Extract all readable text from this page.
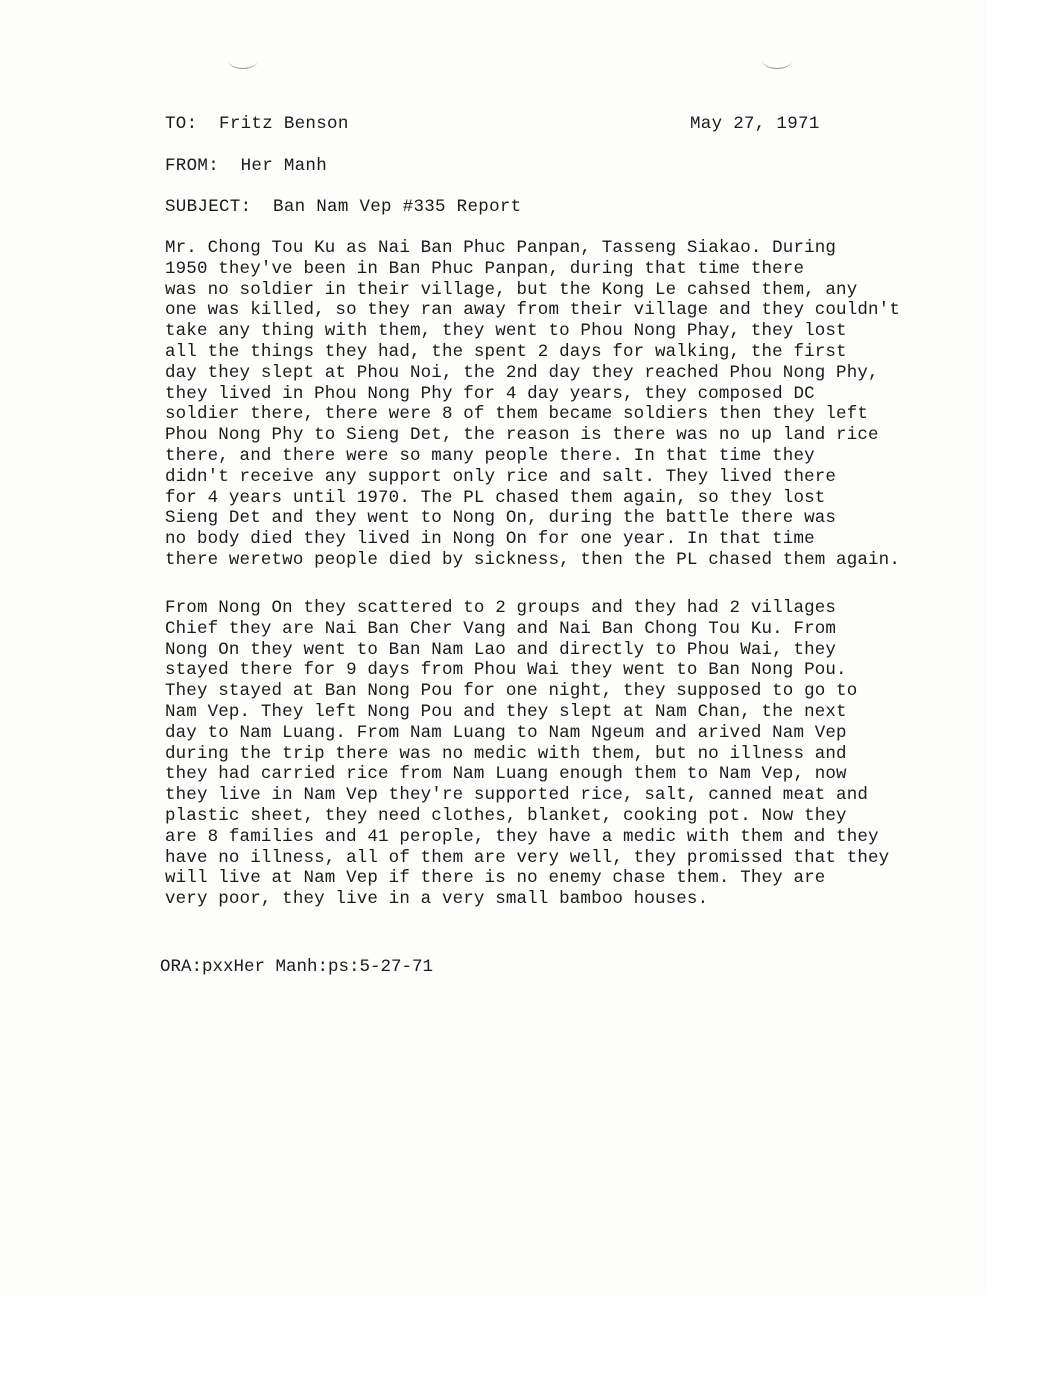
TO: Fritz Benson	May 27, 1971
FROM: Her Manh
SUBJECT: Ban Nam Vep #335 Report
Mr. Chong Tou Ku as Nai Ban Phuc Panpan, Tasseng Siakao. During
1950 they've been in Ban Phuc Panpan, during that time there
was no soldier in their village, but the Kong Le cahsed them, any
one was killed, so they ran away from their village and they couldn't
take any thing with them, they went to Phou Nong Phay, they lost
all the things they had, the spent 2 days for walking, the first
day they slept at Phou Noi, the 2nd day they reached Phou Nong Phy,
they lived in Phou Nong Phy for 4 day years, they composed DC
soldier there, there were 8 of them became soldiers then they left
Phou Nong Phy to Sieng Det, the reason is there was no up land rice
there, and there were so many people there. In that time they
didn't receive any support only rice and salt. They lived there
for 4 years until 1970. The PL chased them again, so they lost
Sieng Det and they went to Nong On, during the battle there was
no body died they lived in Nong On for one year. In that time
there weretwo people died by sickness, then the PL chased them again.
From Nong On they scattered to 2 groups and they had 2 villages
Chief they are Nai Ban Cher Vang and Nai Ban Chong Tou Ku. From
Nong On they went to Ban Nam Lao and directly to Phou Wai, they
stayed there for 9 days from Phou Wai they went to Ban Nong Pou.
They stayed at Ban Nong Pou for one night, they supposed to go to
Nam Vep. They left Nong Pou and they slept at Nam Chan, the next
day to Nam Luang. From Nam Luang to Nam Ngeum and arived Nam Vep
during the trip there was no medic with them, but no illness and
they had carried rice from Nam Luang enough them to Nam Vep, now
they live in Nam Vep they're supported rice, salt, canned meat and
plastic sheet, they need clothes, blanket, cooking pot. Now they
are 8 families and 41 perople, they have a medic with them and they
have no illness, all of them are very well, they promissed that they
will live at Nam Vep if there is no enemy chase them. They are
very poor, they live in a very small bamboo houses.
ORA:pxxHer Manh:ps:5-27-71
